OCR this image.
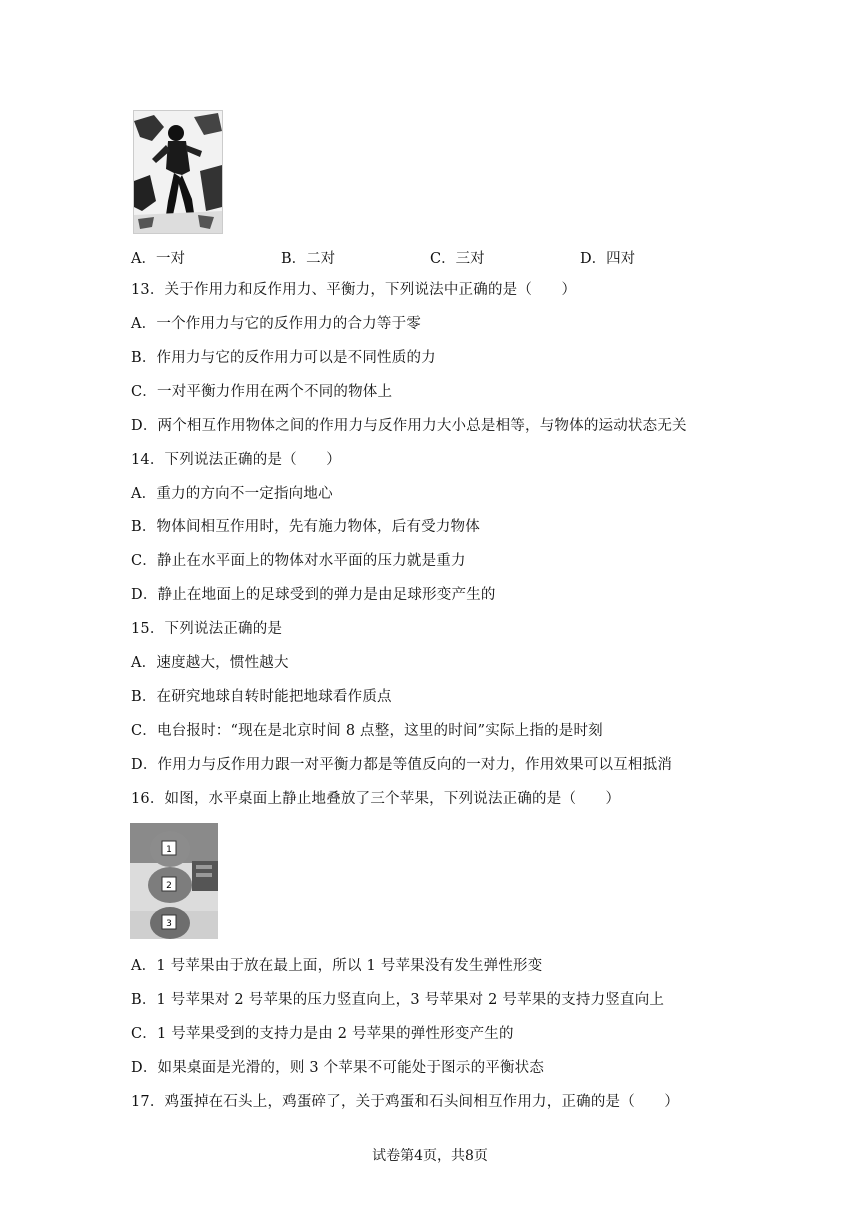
A．一对	B．二对	C．三对	D．四对
13．关于作用力和反作用力、平衡力，下列说法中正确的是（　　）
A．一个作用力与它的反作用力的合力等于零
B．作用力与它的反作用力可以是不同性质的力
C．一对平衡力作用在两个不同的物体上
D．两个相互作用物体之间的作用力与反作用力大小总是相等，与物体的运动状态无关
14．下列说法正确的是（　　）
A．重力的方向不一定指向地心
B．物体间相互作用时，先有施力物体，后有受力物体
C．静止在水平面上的物体对水平面的压力就是重力
D．静止在地面上的足球受到的弹力是由足球形变产生的
15．下列说法正确的是
A．速度越大，惯性越大
B．在研究地球自转时能把地球看作质点
C．电台报时：“现在是北京时间 8 点整，这里的时间”实际上指的是时刻
D．作用力与反作用力跟一对平衡力都是等值反向的一对力，作用效果可以互相抵消
16．如图，水平桌面上静止地叠放了三个苹果，下列说法正确的是（　　）
1
2
3
A．1 号苹果由于放在最上面，所以 1 号苹果没有发生弹性形变
B．1 号苹果对 2 号苹果的压力竖直向上，3 号苹果对 2 号苹果的支持力竖直向上
C．1 号苹果受到的支持力是由 2 号苹果的弹性形变产生的
D．如果桌面是光滑的，则 3 个苹果不可能处于图示的平衡状态
17．鸡蛋掉在石头上，鸡蛋碎了，关于鸡蛋和石头间相互作用力，正确的是（　　）
试卷第4页，共8页
